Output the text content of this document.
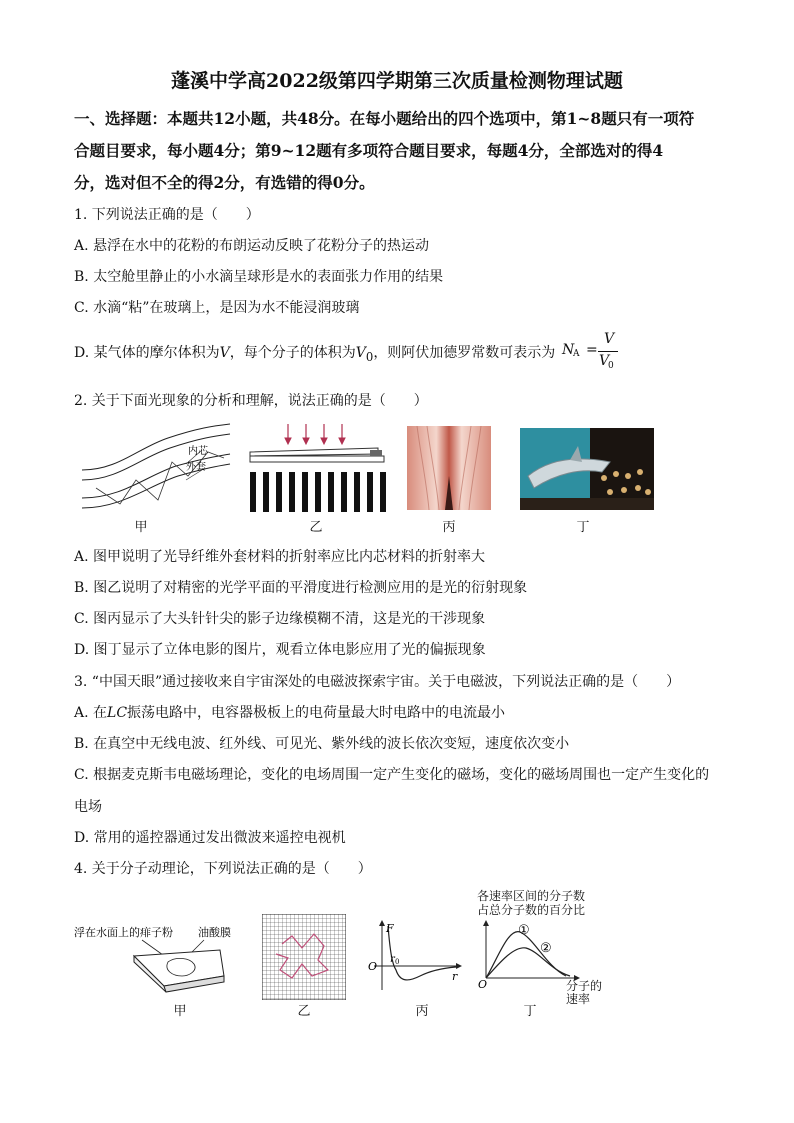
蓬溪中学高2022级第四学期第三次质量检测物理试题
一、选择题：本题共12小题，共48分。在每小题给出的四个选项中，第1~8题只有一项符
合题目要求，每小题4分；第9~12题有多项符合题目要求，每题4分，全部选对的得4
分，选对但不全的得2分，有选错的得0分。
1. 下列说法正确的是（　　）
A. 悬浮在水中的花粉的布朗运动反映了花粉分子的热运动
B. 太空舱里静止的小水滴呈球形是水的表面张力作用的结果
C. 水滴“粘”在玻璃上，是因为水不能浸润玻璃
D. 某气体的摩尔体积为V，每个分子的体积为$V_0$，则阿伏加德罗常数可表示为 N
A =
V
V
0
2. 关于下面光现象的分析和理解，说法正确的是（　　）
内芯
外套
甲	乙	丙	丁
A. 图甲说明了光导纤维外套材料的折射率应比内芯材料的折射率大
B. 图乙说明了对精密的光学平面的平滑度进行检测应用的是光的衍射现象
C. 图丙显示了大头针针尖的影子边缘模糊不清，这是光的干涉现象
D. 图丁显示了立体电影的图片，观看立体电影应用了光的偏振现象
3. “中国天眼”通过接收来自宇宙深处的电磁波探索宇宙。关于电磁波，下列说法正确的是（　　）
A. 在LC振荡电路中，电容器极板上的电荷量最大时电路中的电流最小
B. 在真空中无线电波、红外线、可见光、紫外线的波长依次变短，速度依次变小
C. 根据麦克斯韦电磁场理论，变化的电场周围一定产生变化的磁场，变化的磁场周围也一定产生变化的
电场
D. 常用的遥控器通过发出微波来遥控电视机
4. 关于分子动理论，下列说法正确的是（　　）
浮在水面上的痱子粉 油酸膜
甲	乙
F
O
r 0
r
丙
各速率区间的分子数
占总分子数的百分比
①
②
O	分子的
速率
丁
